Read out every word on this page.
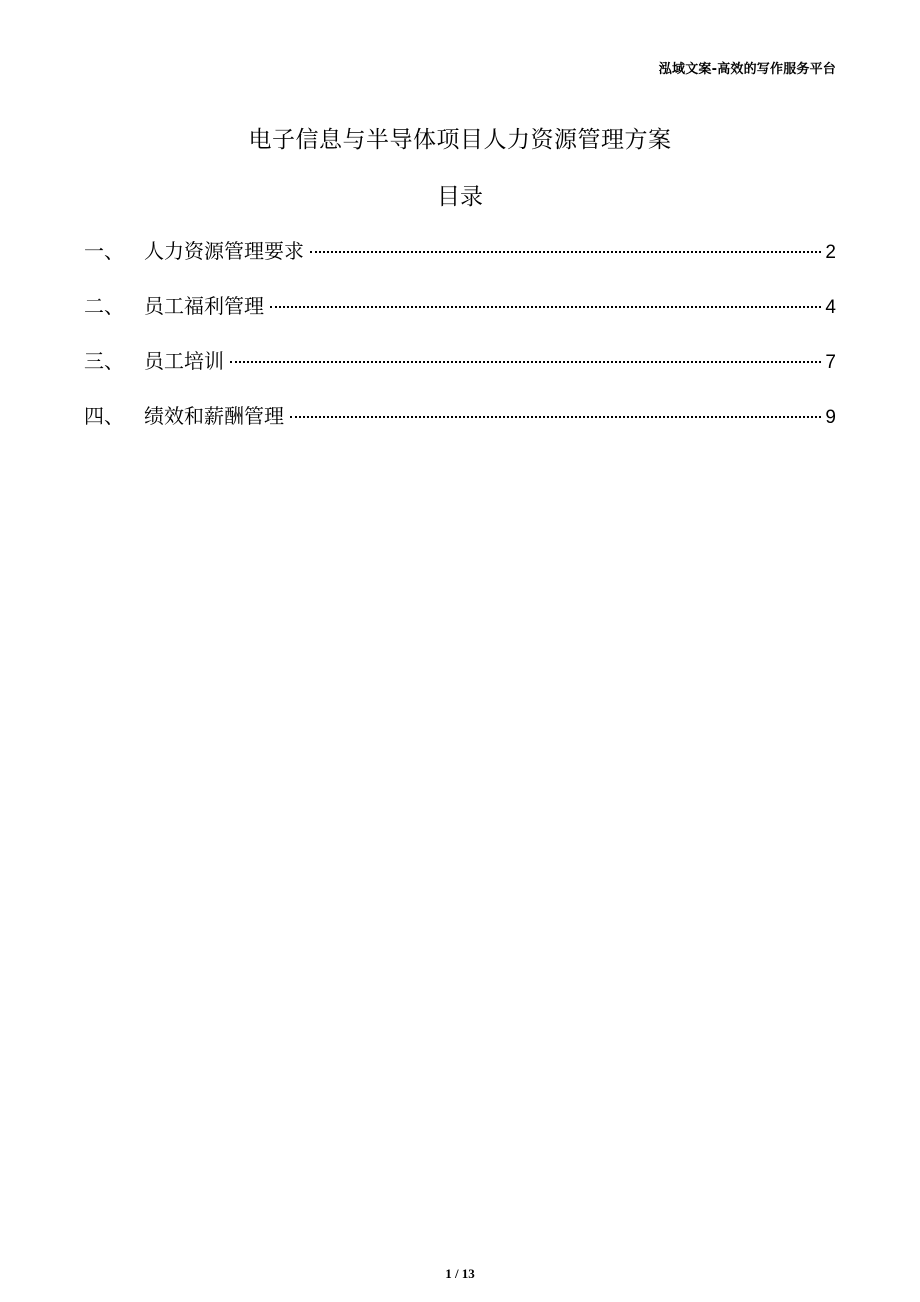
泓域文案-高效的写作服务平台
电子信息与半导体项目人力资源管理方案
目录
一、	人力资源管理要求	2
二、	员工福利管理	4
三、	员工培训	7
四、	绩效和薪酬管理	9
1 / 13
